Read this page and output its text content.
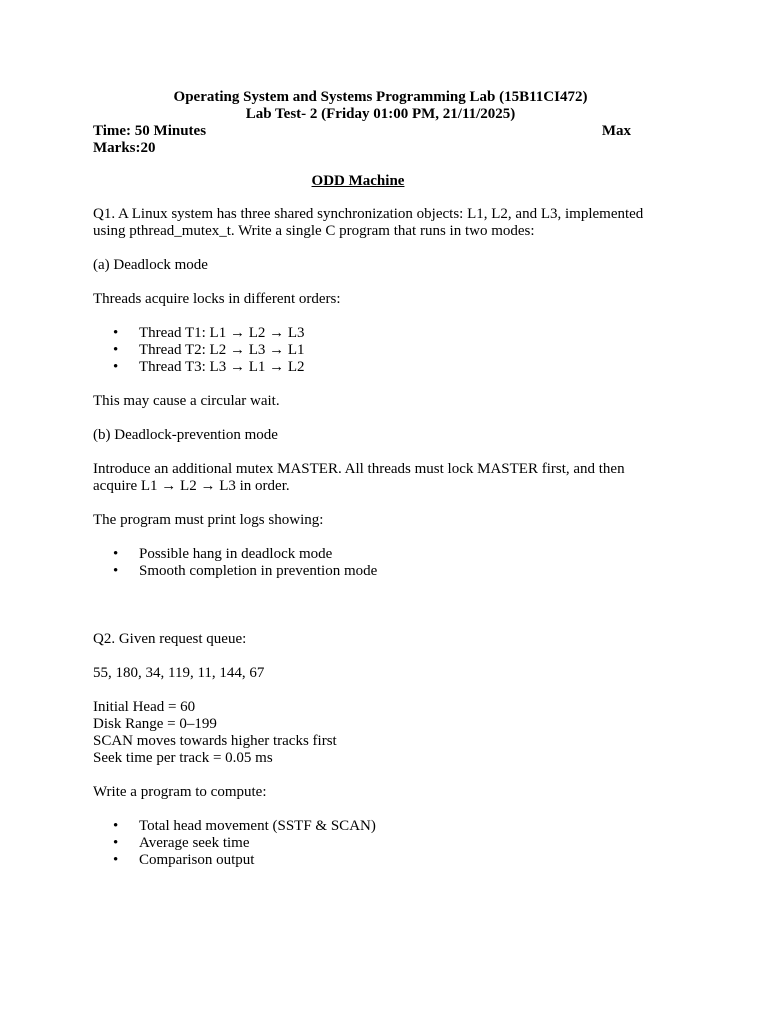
Operating System and Systems Programming Lab (15B11CI472)

Lab Test- 2 (Friday 01:00 PM, 21/11/2025)

Time: 50 Minutes	Max

Marks:20

ODD Machine

Q1. A Linux system has three shared synchronization objects: L1, L2, and L3, implemented using pthread_mutex_t. Write a single C program that runs in two modes:

(a) Deadlock mode

Threads acquire locks in different orders:

• Thread T1: L1 → L2 → L3
• Thread T2: L2 → L3 → L1
• Thread T3: L3 → L1 → L2

This may cause a circular wait.

(b) Deadlock-prevention mode

Introduce an additional mutex MASTER. All threads must lock MASTER first, and then acquire L1 → L2 → L3 in order.

The program must print logs showing:

• Possible hang in deadlock mode
• Smooth completion in prevention mode

Q2. Given request queue:

55, 180, 34, 119, 11, 144, 67

Initial Head = 60

Disk Range = 0–199

SCAN moves towards higher tracks first

Seek time per track = 0.05 ms

Write a program to compute:

• Total head movement (SSTF & SCAN)
• Average seek time
• Comparison output
